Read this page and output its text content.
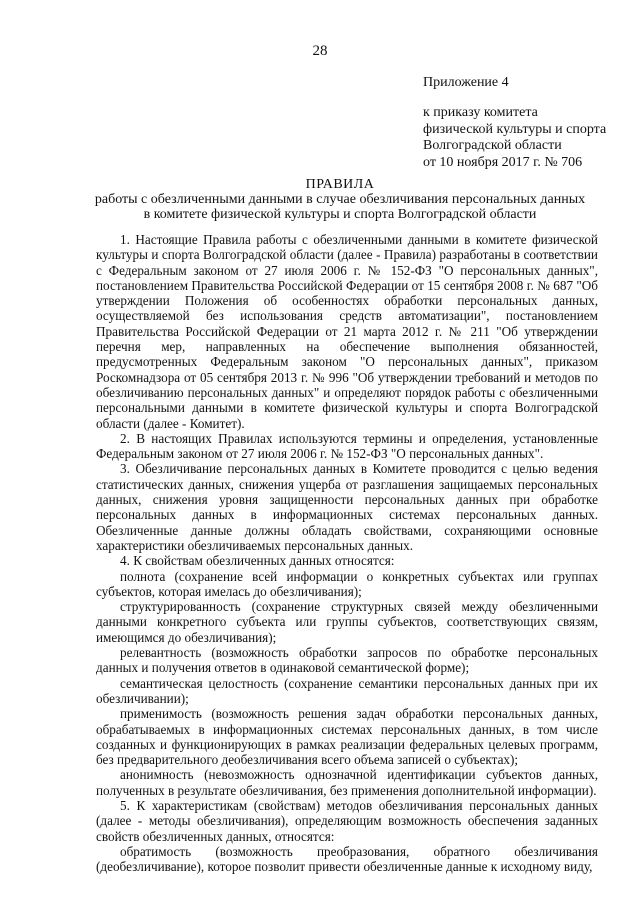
28
Приложение 4
к приказу комитета
физической культуры и спорта
Волгоградской области
от 10 ноября 2017 г. № 706
ПРАВИЛА
работы с обезличенными данными в случае обезличивания персональных данных
в комитете физической культуры и спорта Волгоградской области

1. Настоящие Правила работы с обезличенными данными в комитете физической культуры и спорта Волгоградской области (далее - Правила) разработаны в соответствии с Федеральным законом от 27 июля 2006 г. № 152-ФЗ "О персональных данных", постановлением Правительства Российской Федерации от 15 сентября 2008 г. № 687 "Об утверждении Положения об особенностях обработки персональных данных, осуществляемой без использования средств автоматизации", постановлением Правительства Российской Федерации от 21 марта 2012 г. № 211 "Об утверждении перечня мер, направленных на обеспечение выполнения обязанностей, предусмотренных Федеральным законом "О персональных данных", приказом Роскомнадзора от 05 сентября 2013 г. № 996 "Об утверждении требований и методов по обезличиванию персональных данных" и определяют порядок работы с обезличенными персональными данными в комитете физической культуры и спорта Волгоградской области (далее - Комитет).

2. В настоящих Правилах используются термины и определения, установленные Федеральным законом от 27 июля 2006 г. № 152-ФЗ "О персональных данных".

3. Обезличивание персональных данных в Комитете проводится с целью ведения статистических данных, снижения ущерба от разглашения защищаемых персональных данных, снижения уровня защищенности персональных данных при обработке персональных данных в информационных системах персональных данных. Обезличенные данные должны обладать свойствами, сохраняющими основные характеристики обезличиваемых персональных данных.

4. К свойствам обезличенных данных относятся:

полнота (сохранение всей информации о конкретных субъектах или группах субъектов, которая имелась до обезличивания);

структурированность (сохранение структурных связей между обезличенными данными конкретного субъекта или группы субъектов, соответствующих связям, имеющимся до обезличивания);

релевантность (возможность обработки запросов по обработке персональных данных и получения ответов в одинаковой семантической форме);

семантическая целостность (сохранение семантики персональных данных при их обезличивании);

применимость (возможность решения задач обработки персональных данных, обрабатываемых в информационных системах персональных данных, в том числе созданных и функционирующих в рамках реализации федеральных целевых программ, без предварительного деобезличивания всего объема записей о субъектах);

анонимность (невозможность однозначной идентификации субъектов данных, полученных в результате обезличивания, без применения дополнительной информации).

5. К характеристикам (свойствам) методов обезличивания персональных данных (далее - методы обезличивания), определяющим возможность обеспечения заданных свойств обезличенных данных, относятся:

обратимость (возможность преобразования, обратного обезличивания (деобезличивание), которое позволит привести обезличенные данные к исходному виду,
